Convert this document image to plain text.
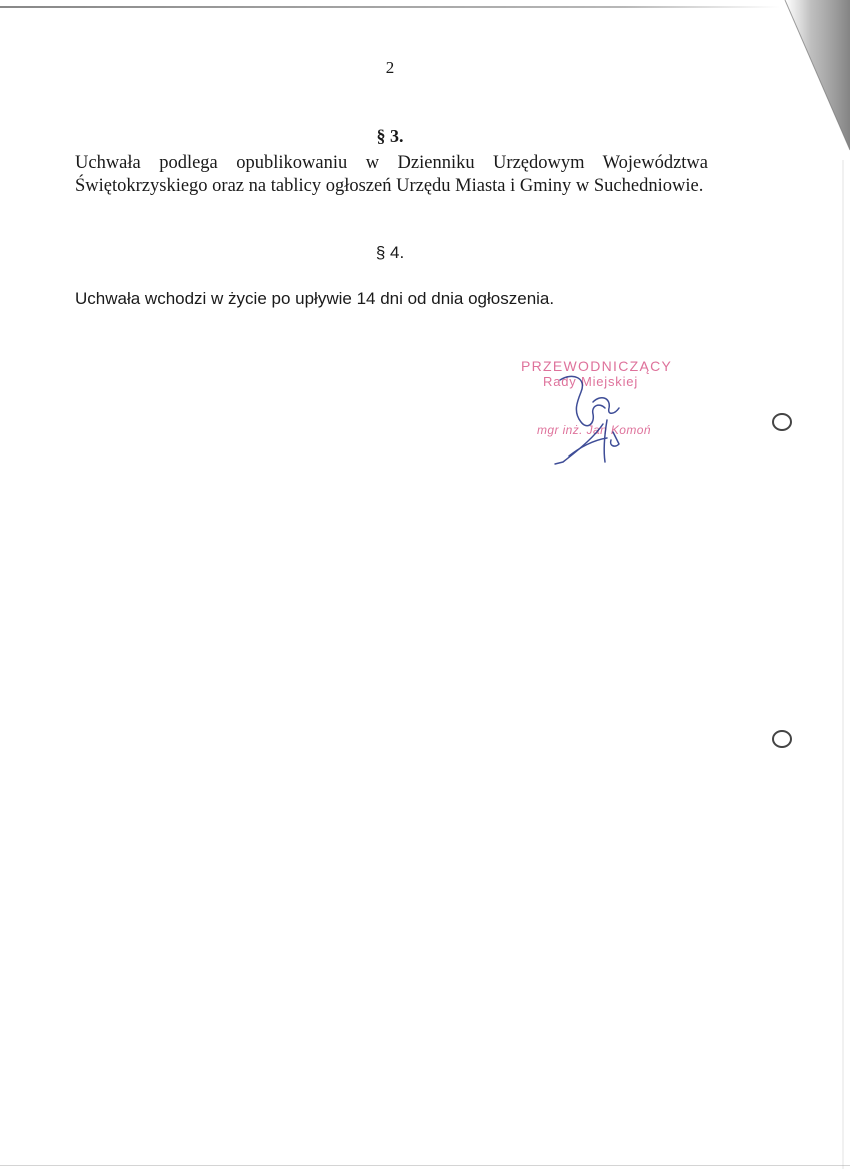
2
§ 3.
Uchwała podlega opublikowaniu w Dzienniku Urzędowym Województwa Świętokrzyskiego oraz na tablicy ogłoszeń Urzędu Miasta i Gminy w Suchedniowie.
§ 4.
Uchwała wchodzi w życie po upływie 14 dni od dnia ogłoszenia.
PRZEWODNICZĄCY
Rady Miejskiej
mgr inż. Jan Komoń
